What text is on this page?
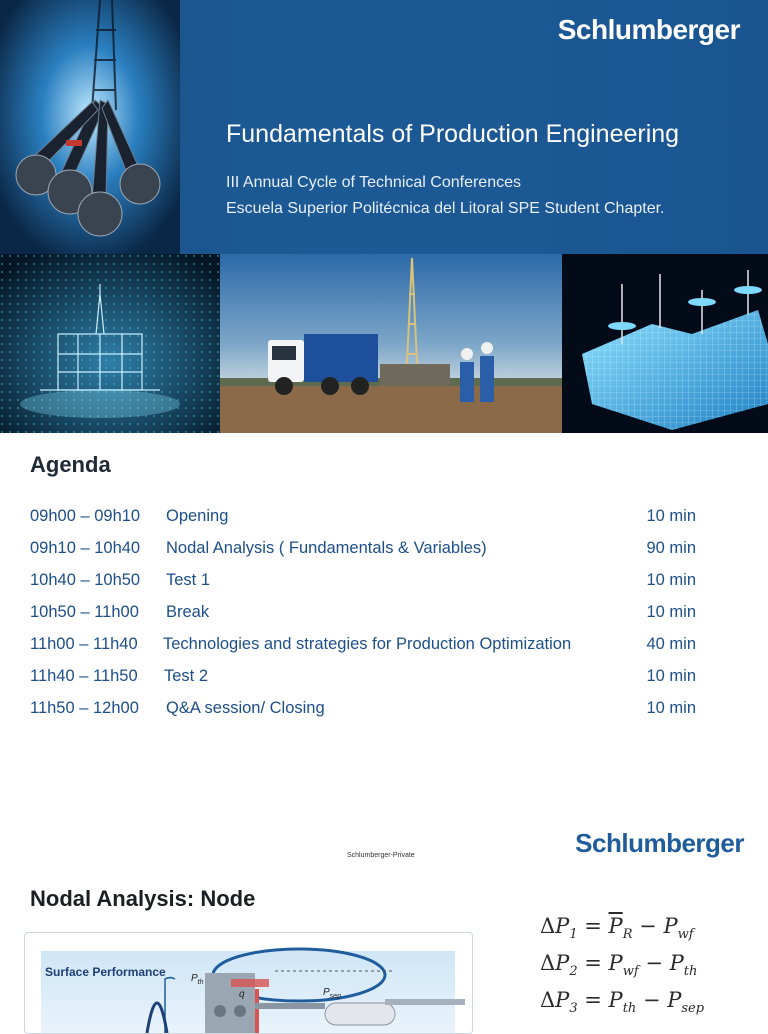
Schlumberger
Fundamentals of Production Engineering
III Annual Cycle of Technical Conferences
Escuela Superior Politécnica del Litoral SPE Student Chapter.
Agenda
09h00 – 09h10 Opening	10 min
09h10 – 10h40 Nodal Analysis ( Fundamentals & Variables)	90 min
10h40 – 10h50 Test 1	10 min
10h50 – 11h00 Break	10 min
11h00 – 11h40 Technologies and strategies for Production Optimization	40 min
11h40 – 11h50 Test 2	10 min
11h50 – 12h00 Q&A session/ Closing	10 min
Schlumberger
Schlumberger-Private
Nodal Analysis: Node
Surface Performance	$P_{th}$
q	$P_{sep}$
$\Delta P_1 = \overline{P}_R - P_{wf}$
$\Delta P_2 = P_{wf} - P_{th}$
$\Delta P_3 = P_{th} - P_{sep}$
